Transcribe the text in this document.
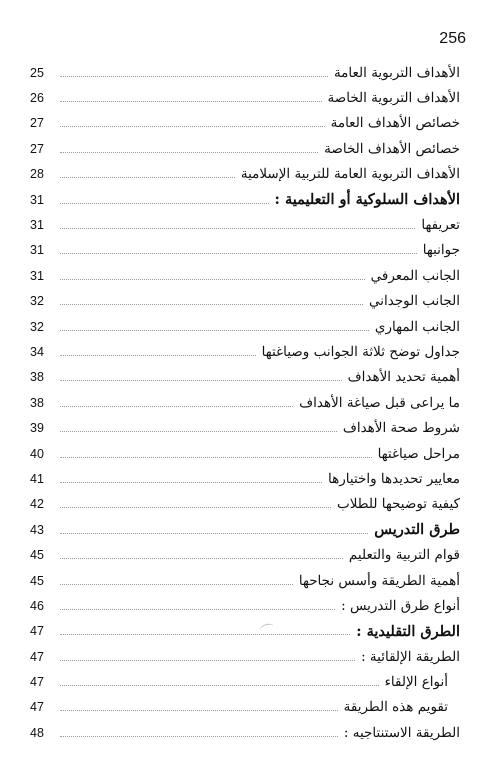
256
25	الأهداف التربوية العامة
26	الأهداف التربوية الخاصة
27	خصائص الأهداف العامة
27	خصائص الأهداف الخاصة
28	الأهداف التربوية العامة للتربية الإسلامية
31	الأهداف السلوكية أو التعليمية :
31	تعريفها
31	جوانبها
31	الجانب المعرفي
32	الجانب الوجداني
32	الجانب المهاري
34	جداول توضح ثلاثة الجوانب وصياغتها
38	أهمية تحديد الأهداف
38	ما يراعى قبل صياغة الأهداف
39	شروط صحة الأهداف
40	مراحل صياغتها
41	معايير تحديدها واختيارها
42	كيفية توضيحها للطلاب
43	طرق التدريس
45	قوام التربية والتعليم
45	أهمية الطريقة وأسس نجاحها
46	أنواع طرق التدريس :
47	الطرق التقليدية :
47	الطريقة الإلقائية :
47	أنواع الإلقاء
47	تقويم هذه الطريقة
48	الطريقة الاستنتاجيه :
